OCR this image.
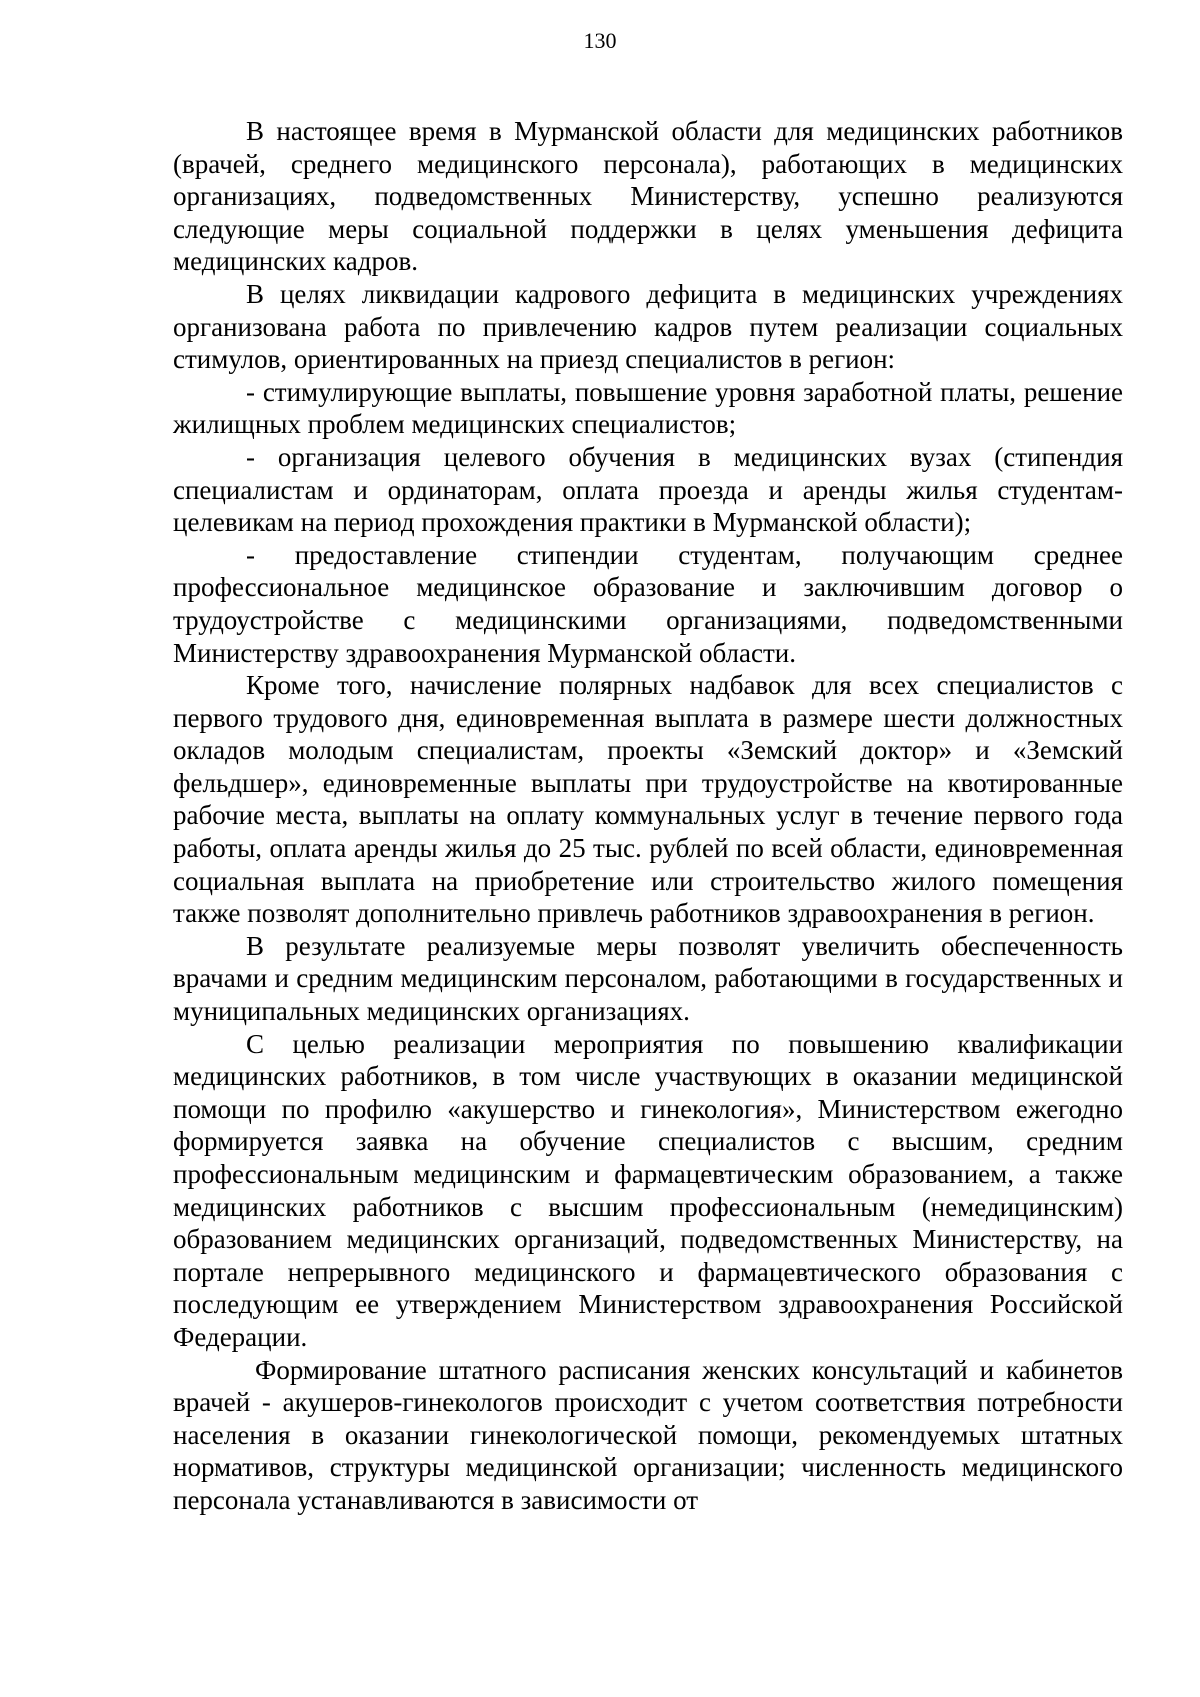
130

В настоящее время в Мурманской области для медицинских работников (врачей, среднего медицинского персонала), работающих в медицинских организациях, подведомственных Министерству, успешно реализуются следующие меры социальной поддержки в целях уменьшения дефицита медицинских кадров.

В целях ликвидации кадрового дефицита в медицинских учреждениях организована работа по привлечению кадров путем реализации социальных стимулов, ориентированных на приезд специалистов в регион:

- стимулирующие выплаты, повышение уровня заработной платы, решение жилищных проблем медицинских специалистов;

- организация целевого обучения в медицинских вузах (стипендия специалистам и ординаторам, оплата проезда и аренды жилья студентам-целевикам на период прохождения практики в Мурманской области);

- предоставление стипендии студентам, получающим среднее профессиональное медицинское образование и заключившим договор о трудоустройстве с медицинскими организациями, подведомственными Министерству здравоохранения Мурманской области.

Кроме того, начисление полярных надбавок для всех специалистов с первого трудового дня, единовременная выплата в размере шести должностных окладов молодым специалистам, проекты «Земский доктор» и «Земский фельдшер», единовременные выплаты при трудоустройстве на квотированные рабочие места, выплаты на оплату коммунальных услуг в течение первого года работы, оплата аренды жилья до 25 тыс. рублей по всей области, единовременная социальная выплата на приобретение или строительство жилого помещения также позволят дополнительно привлечь работников здравоохранения в регион.

В результате реализуемые меры позволят увеличить обеспеченность врачами и средним медицинским персоналом, работающими в государственных и муниципальных медицинских организациях.

С целью реализации мероприятия по повышению квалификации медицинских работников, в том числе участвующих в оказании медицинской помощи по профилю «акушерство и гинекология», Министерством ежегодно формируется заявка на обучение специалистов с высшим, средним профессиональным медицинским и фармацевтическим образованием, а также медицинских работников с высшим профессиональным (немедицинским) образованием медицинских организаций, подведомственных Министерству, на портале непрерывного медицинского и фармацевтического образования с последующим ее утверждением Министерством здравоохранения Российской Федерации.

Формирование штатного расписания женских консультаций и кабинетов врачей - акушеров-гинекологов происходит с учетом соответствия потребности населения в оказании гинекологической помощи, рекомендуемых штатных нормативов, структуры медицинской организации; численность медицинского персонала устанавливаются в зависимости от
